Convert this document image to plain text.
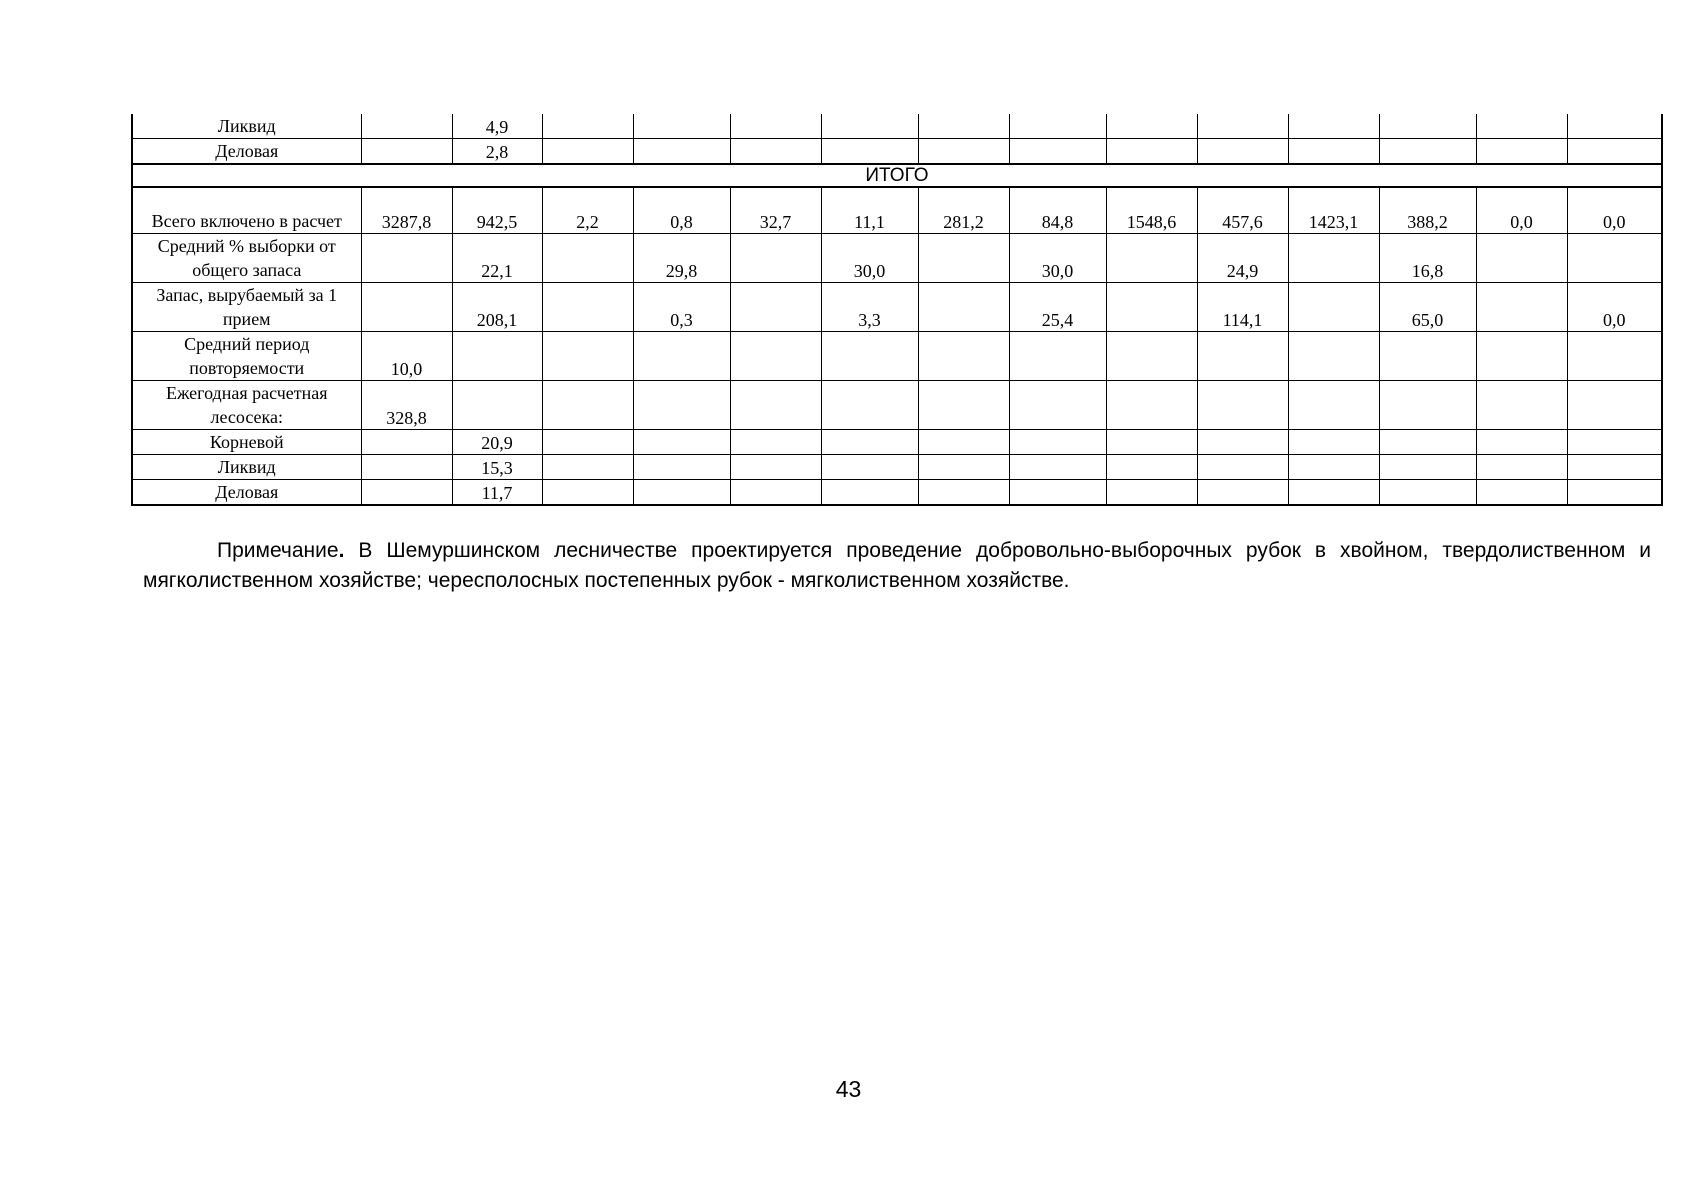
Ликвид		4,9												
Деловая		2,8												
ИТОГО														
Всего включено в расчет	3287,8	942,5	2,2	0,8	32,7	11,1	281,2	84,8	1548,6	457,6	1423,1	388,2	0,0	0,0
Средний % выборки от общего запаса		22,1		29,8		30,0		30,0		24,9		16,8		
Запас, вырубаемый за 1 прием		208,1		0,3		3,3		25,4		114,1		65,0		0,0
Средний период повторяемости	10,0													
Ежегодная расчетная лесосека:	328,8													
Корневой		20,9												
Ликвид		15,3												
Деловая		11,7												

Примечание. В Шемуршинском лесничестве проектируется проведение добровольно-выборочных рубок в хвойном, твердолиственном и мягколиственном хозяйстве; чересполосных постепенных рубок - мягколиственном хозяйстве.

43
